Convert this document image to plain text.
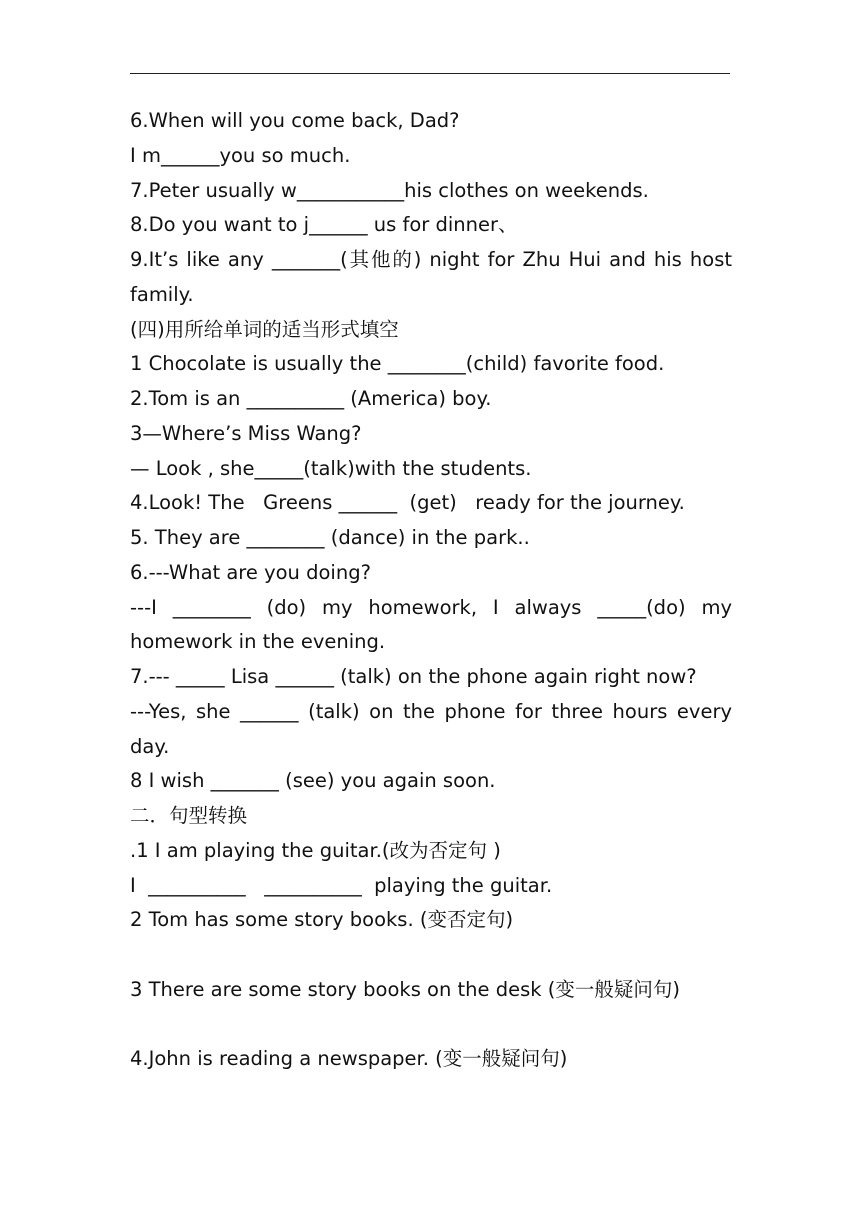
6.When will you come back, Dad?
I m______you so much.
7.Peter usually w___________his clothes on weekends.
8.Do you want to j______ us for dinner、
9.It’s like any _______(其他的) night for Zhu Hui and his host
family.
(四)用所给单词的适当形式填空
1 Chocolate is usually the ________(child) favorite food.
2.Tom is an __________ (America) boy.
3—Where’s Miss Wang?
— Look , she_____(talk)with the students.
4.Look! The   Greens ______  (get)   ready for the journey.
5. They are ________ (dance) in the park..
6.---What are you doing?
---I ________ (do) my homework, I always _____(do) my
homework in the evening.
7.--- _____ Lisa ______ (talk) on the phone again right now?
---Yes, she ______ (talk) on the phone for three hours every
day.
8 I wish _______ (see) you again soon.
二．句型转换
.1 I am playing the guitar.(改为否定句 )
I  __________   __________  playing the guitar.
2 Tom has some story books. (变否定句)
3 There are some story books on the desk (变一般疑问句)
4.John is reading a newspaper. (变一般疑问句)
